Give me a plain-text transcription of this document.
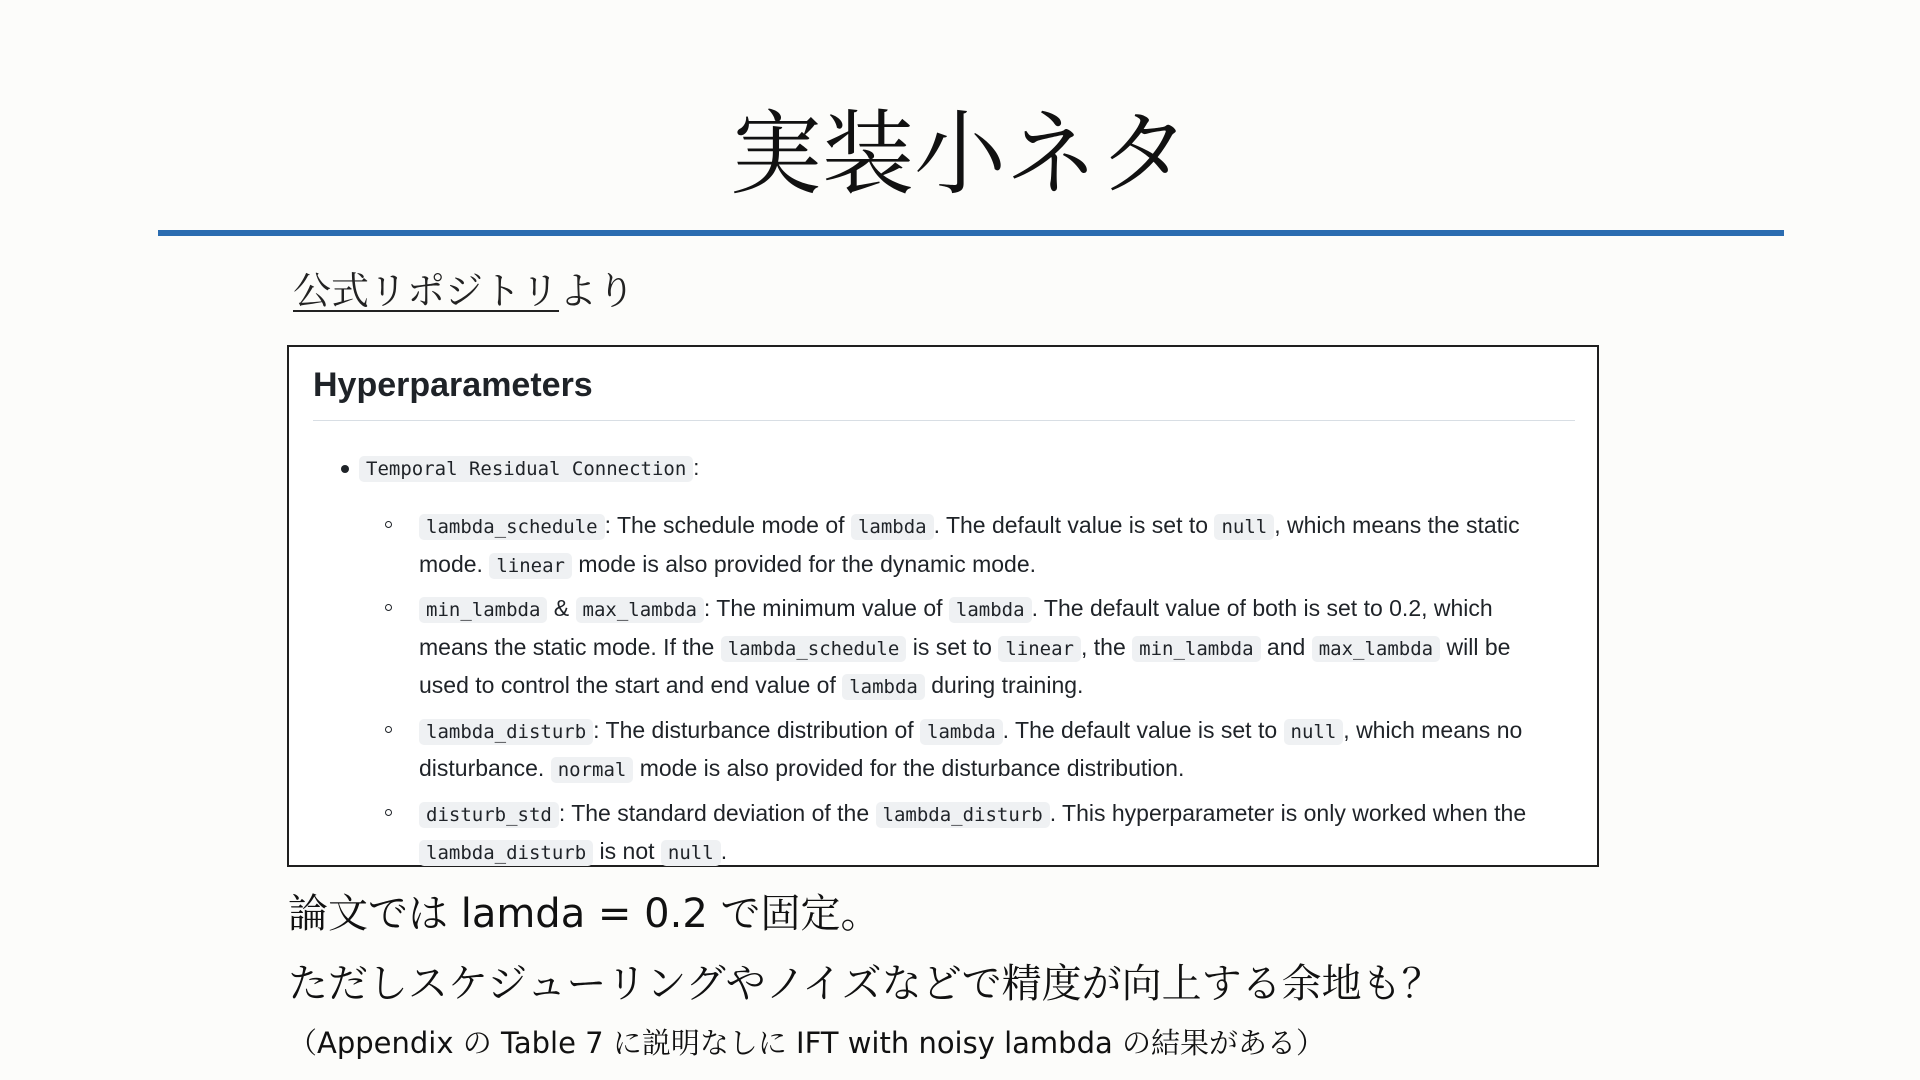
実装小ネタ
公式リポジトリより
Hyperparameters
Temporal Residual Connection :
lambda_schedule : The schedule mode of lambda . The default value is set to null , which means the static mode. linear mode is also provided for the dynamic mode.
min_lambda & max_lambda : The minimum value of lambda . The default value of both is set to 0.2, which means the static mode. If the lambda_schedule is set to linear , the min_lambda and max_lambda will be used to control the start and end value of lambda during training.
lambda_disturb : The disturbance distribution of lambda . The default value is set to null , which means no disturbance. normal mode is also provided for the disturbance distribution.
disturb_std : The standard deviation of the lambda_disturb . This hyperparameter is only worked when the lambda_disturb is not null .
論文では lamda = 0.2 で固定。
ただしスケジューリングやノイズなどで精度が向上する余地も？
（Appendix の Table 7 に説明なしに IFT with noisy lambda の結果がある）
